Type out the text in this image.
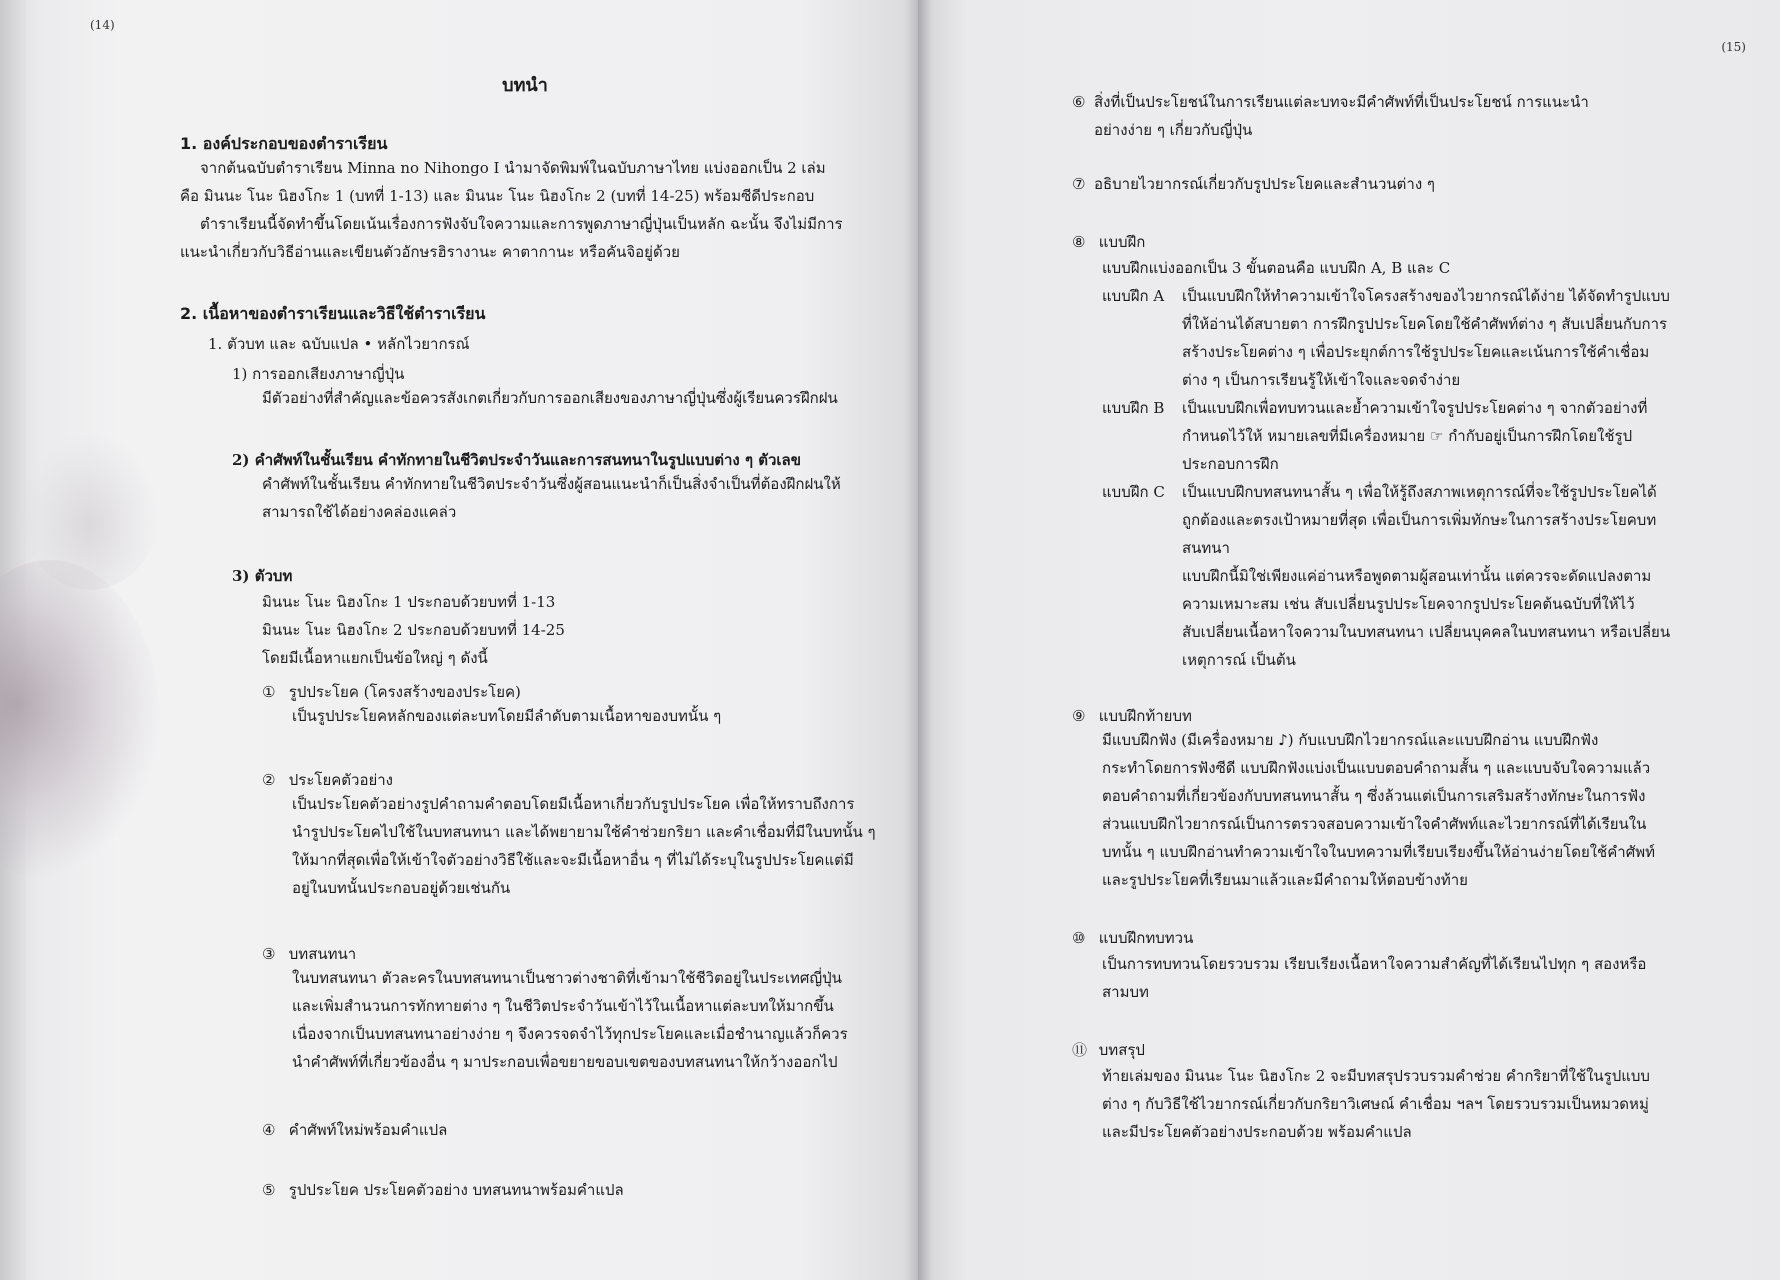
(14)
บทนำ
1. องค์ประกอบของตำราเรียน
จากต้นฉบับตำราเรียน Minna no Nihongo I นำมาจัดพิมพ์ในฉบับภาษาไทย แบ่งออกเป็น 2 เล่ม
คือ มินนะ โนะ นิฮงโกะ 1 (บทที่ 1-13) และ มินนะ โนะ นิฮงโกะ 2 (บทที่ 14-25) พร้อมซีดีประกอบ
ตำราเรียนนี้จัดทำขึ้นโดยเน้นเรื่องการฟังจับใจความและการพูดภาษาญี่ปุ่นเป็นหลัก ฉะนั้น จึงไม่มีการ
แนะนำเกี่ยวกับวิธีอ่านและเขียนตัวอักษรฮิรางานะ คาตากานะ หรือคันจิอยู่ด้วย
2. เนื้อหาของตำราเรียนและวิธีใช้ตำราเรียน
1. ตัวบท และ ฉบับแปล • หลักไวยากรณ์
1) การออกเสียงภาษาญี่ปุ่น
มีตัวอย่างที่สำคัญและข้อควรสังเกตเกี่ยวกับการออกเสียงของภาษาญี่ปุ่นซึ่งผู้เรียนควรฝึกฝน
2) คำศัพท์ในชั้นเรียน คำทักทายในชีวิตประจำวันและการสนทนาในรูปแบบต่าง ๆ ตัวเลข
คำศัพท์ในชั้นเรียน คำทักทายในชีวิตประจำวันซึ่งผู้สอนแนะนำก็เป็นสิ่งจำเป็นที่ต้องฝึกฝนให้
สามารถใช้ได้อย่างคล่องแคล่ว
3) ตัวบท
มินนะ โนะ นิฮงโกะ 1 ประกอบด้วยบทที่ 1-13
มินนะ โนะ นิฮงโกะ 2 ประกอบด้วยบทที่ 14-25
โดยมีเนื้อหาแยกเป็นข้อใหญ่ ๆ ดังนี้
① รูปประโยค (โครงสร้างของประโยค)
เป็นรูปประโยคหลักของแต่ละบทโดยมีลำดับตามเนื้อหาของบทนั้น ๆ
② ประโยคตัวอย่าง
เป็นประโยคตัวอย่างรูปคำถามคำตอบโดยมีเนื้อหาเกี่ยวกับรูปประโยค เพื่อให้ทราบถึงการ
นำรูปประโยคไปใช้ในบทสนทนา และได้พยายามใช้คำช่วยกริยา และคำเชื่อมที่มีในบทนั้น ๆ
ให้มากที่สุดเพื่อให้เข้าใจตัวอย่างวิธีใช้และจะมีเนื้อหาอื่น ๆ ที่ไม่ได้ระบุในรูปประโยคแต่มี
อยู่ในบทนั้นประกอบอยู่ด้วยเช่นกัน
③ บทสนทนา
ในบทสนทนา ตัวละครในบทสนทนาเป็นชาวต่างชาติที่เข้ามาใช้ชีวิตอยู่ในประเทศญี่ปุ่น
และเพิ่มสำนวนการทักทายต่าง ๆ ในชีวิตประจำวันเข้าไว้ในเนื้อหาแต่ละบทให้มากขึ้น
เนื่องจากเป็นบทสนทนาอย่างง่าย ๆ จึงควรจดจำไว้ทุกประโยคและเมื่อชำนาญแล้วก็ควร
นำคำศัพท์ที่เกี่ยวข้องอื่น ๆ มาประกอบเพื่อขยายขอบเขตของบทสนทนาให้กว้างออกไป
④ คำศัพท์ใหม่พร้อมคำแปล
⑤ รูปประโยค ประโยคตัวอย่าง บทสนทนาพร้อมคำแปล
(15)
⑥ สิ่งที่เป็นประโยชน์ในการเรียนแต่ละบทจะมีคำศัพท์ที่เป็นประโยชน์ การแนะนำ
อย่างง่าย ๆ เกี่ยวกับญี่ปุ่น
⑦ อธิบายไวยากรณ์เกี่ยวกับรูปประโยคและสำนวนต่าง ๆ
⑧ แบบฝึก
แบบฝึกแบ่งออกเป็น 3 ขั้นตอนคือ แบบฝึก A, B และ C
แบบฝึก A	เป็นแบบฝึกให้ทำความเข้าใจโครงสร้างของไวยากรณ์ได้ง่าย ได้จัดทำรูปแบบ
ที่ให้อ่านได้สบายตา การฝึกรูปประโยคโดยใช้คำศัพท์ต่าง ๆ สับเปลี่ยนกับการ
สร้างประโยคต่าง ๆ เพื่อประยุกต์การใช้รูปประโยคและเน้นการใช้คำเชื่อม
ต่าง ๆ เป็นการเรียนรู้ให้เข้าใจและจดจำง่าย
แบบฝึก B	เป็นแบบฝึกเพื่อทบทวนและย้ำความเข้าใจรูปประโยคต่าง ๆ จากตัวอย่างที่
กำหนดไว้ให้ หมายเลขที่มีเครื่องหมาย ☞ กำกับอยู่เป็นการฝึกโดยใช้รูป
ประกอบการฝึก
แบบฝึก C	เป็นแบบฝึกบทสนทนาสั้น ๆ เพื่อให้รู้ถึงสภาพเหตุการณ์ที่จะใช้รูปประโยคได้
ถูกต้องและตรงเป้าหมายที่สุด เพื่อเป็นการเพิ่มทักษะในการสร้างประโยคบท
สนทนา
แบบฝึกนี้มิใช่เพียงแค่อ่านหรือพูดตามผู้สอนเท่านั้น แต่ควรจะดัดแปลงตาม
ความเหมาะสม เช่น สับเปลี่ยนรูปประโยคจากรูปประโยคต้นฉบับที่ให้ไว้
สับเปลี่ยนเนื้อหาใจความในบทสนทนา เปลี่ยนบุคคลในบทสนทนา หรือเปลี่ยน
เหตุการณ์ เป็นต้น
⑨ แบบฝึกท้ายบท
มีแบบฝึกฟัง (มีเครื่องหมาย ♪) กับแบบฝึกไวยากรณ์และแบบฝึกอ่าน แบบฝึกฟัง
กระทำโดยการฟังซีดี แบบฝึกฟังแบ่งเป็นแบบตอบคำถามสั้น ๆ และแบบจับใจความแล้ว
ตอบคำถามที่เกี่ยวข้องกับบทสนทนาสั้น ๆ ซึ่งล้วนแต่เป็นการเสริมสร้างทักษะในการฟัง
ส่วนแบบฝึกไวยากรณ์เป็นการตรวจสอบความเข้าใจคำศัพท์และไวยากรณ์ที่ได้เรียนใน
บทนั้น ๆ แบบฝึกอ่านทำความเข้าใจในบทความที่เรียบเรียงขึ้นให้อ่านง่ายโดยใช้คำศัพท์
และรูปประโยคที่เรียนมาแล้วและมีคำถามให้ตอบข้างท้าย
⑩ แบบฝึกทบทวน
เป็นการทบทวนโดยรวบรวม เรียบเรียงเนื้อหาใจความสำคัญที่ได้เรียนไปทุก ๆ สองหรือ
สามบท
⑪ บทสรุป
ท้ายเล่มของ มินนะ โนะ นิฮงโกะ 2 จะมีบทสรุปรวบรวมคำช่วย คำกริยาที่ใช้ในรูปแบบ
ต่าง ๆ กับวิธีใช้ไวยากรณ์เกี่ยวกับกริยาวิเศษณ์ คำเชื่อม ฯลฯ โดยรวบรวมเป็นหมวดหมู่
และมีประโยคตัวอย่างประกอบด้วย พร้อมคำแปล
